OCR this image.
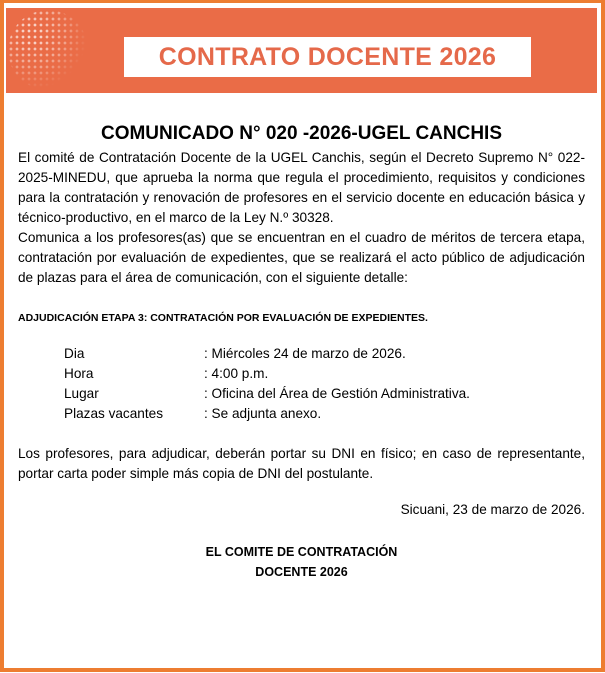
CONTRATO DOCENTE 2026
COMUNICADO N° 020 -2026-UGEL CANCHIS

El comité de Contratación Docente de la UGEL Canchis, según el Decreto Supremo N° 022-2025-MINEDU, que aprueba la norma que regula el procedimiento, requisitos y condiciones para la contratación y renovación de profesores en el servicio docente en educación básica y técnico-productivo, en el marco de la Ley N.º 30328.

Comunica a los profesores(as) que se encuentran en el cuadro de méritos de tercera etapa, contratación por evaluación de expedientes, que se realizará el acto público de adjudicación de plazas para el área de comunicación, con el siguiente detalle:

ADJUDICACIÓN ETAPA 3: CONTRATACIÓN POR EVALUACIÓN DE EXPEDIENTES.
Dia	: Miércoles 24 de marzo de 2026.
Hora	: 4:00 p.m.
Lugar	: Oficina del Área de Gestión Administrativa.
Plazas vacantes	: Se adjunta anexo.

Los profesores, para adjudicar, deberán portar su DNI en físico; en caso de representante, portar carta poder simple más copia de DNI del postulante.

Sicuani, 23 de marzo de 2026.
EL COMITE DE CONTRATACIÓN
DOCENTE 2026
